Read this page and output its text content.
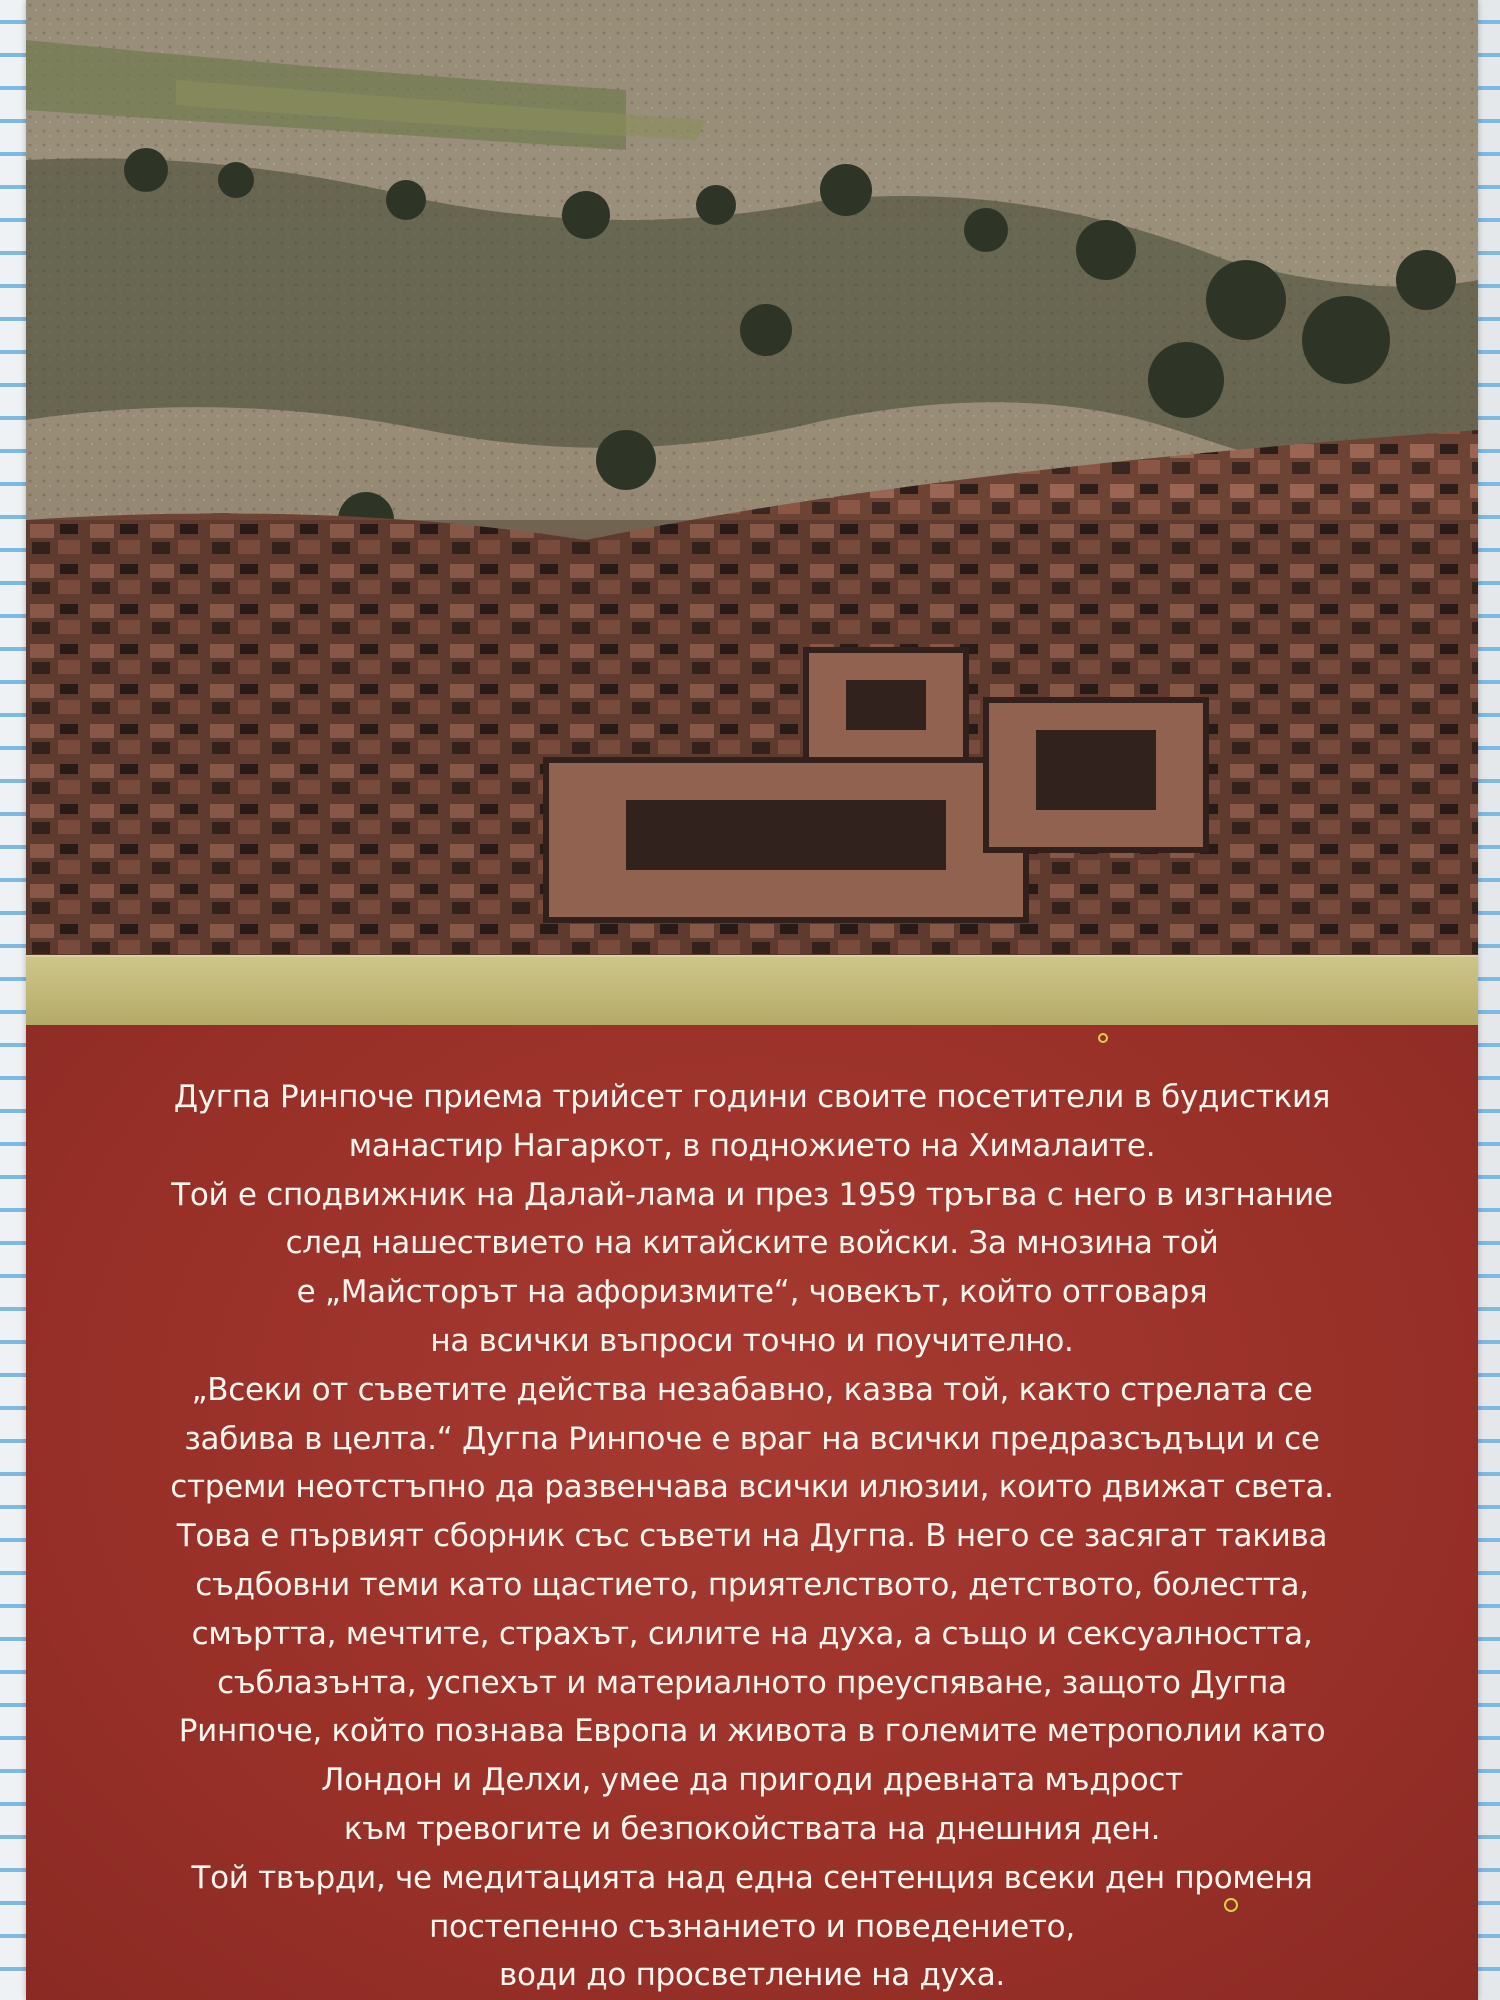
Дугпа Ринпоче приема трийсет години своите посетители в будисткия
манастир Нагаркот, в подножието на Хималаите.
Той е сподвижник на Далай-лама и през 1959 тръгва с него в изгнание
след нашествието на китайските войски. За мнозина той
е „Майсторът на афоризмите“, човекът, който отговаря
на всички въпроси точно и поучително.
„Всеки от съветите действа незабавно, казва той, както стрелата се
забива в целта.“ Дугпа Ринпоче е враг на всички предразсъдъци и се
стреми неотстъпно да развенчава всички илюзии, които движат света.
Това е първият сборник със съвети на Дугпа. В него се засягат такива
съдбовни теми като щастието, приятелството, детството, болестта,
смъртта, мечтите, страхът, силите на духа, а също и сексуалността,
съблазънта, успехът и материалното преуспяване, защото Дугпа
Ринпоче, който познава Европа и живота в големите метрополии като
Лондон и Делхи, умее да пригоди древната мъдрост
към тревогите и безпокойствата на днешния ден.
Той твърди, че медитацията над една сентенция всеки ден променя
постепенно съзнанието и поведението,
води до просветление на духа.
